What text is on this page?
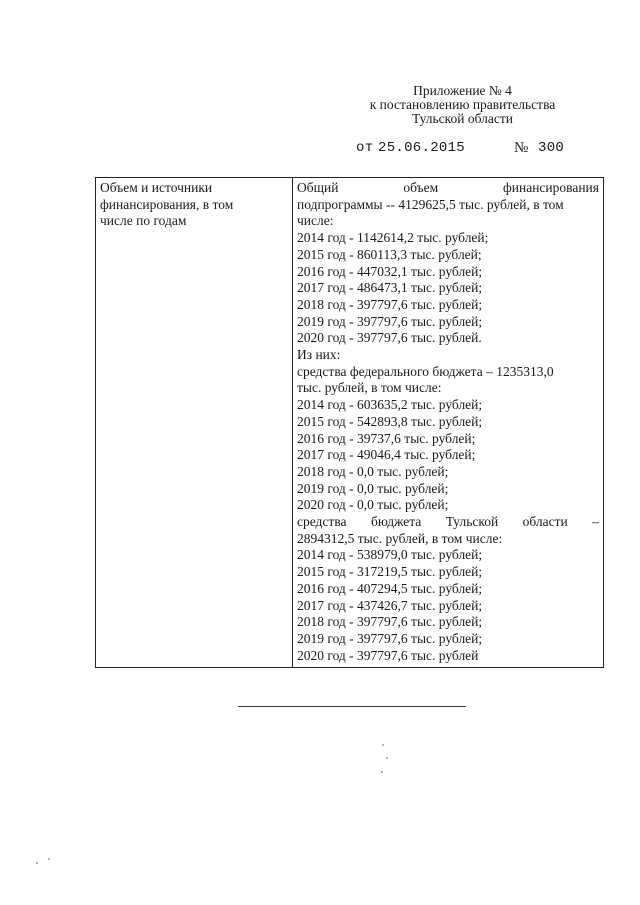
Приложение № 4
к постановлению правительства
Тульской области
от 25.06.2015	№ 300
Объем и источники
финансирования, в том
числе по годам

Общий	объем	финансирования
подпрограммы -- 4129625,5 тыс. рублей, в том
числе:
2014 год - 1142614,2 тыс. рублей;
2015 год - 860113,3 тыс. рублей;
2016 год - 447032,1 тыс. рублей;
2017 год - 486473,1 тыс. рублей;
2018 год - 397797,6 тыс. рублей;
2019 год - 397797,6 тыс. рублей;
2020 год - 397797,6 тыс. рублей.
Из них:
средства федерального бюджета – 1235313,0
тыс. рублей, в том числе:
2014 год - 603635,2 тыс. рублей;
2015 год - 542893,8 тыс. рублей;
2016 год - 39737,6 тыс. рублей;
2017 год - 49046,4 тыс. рублей;
2018 год - 0,0 тыс. рублей;
2019 год - 0,0 тыс. рублей;
2020 год - 0,0 тыс. рублей;
средства бюджета Тульской области –
2894312,5 тыс. рублей, в том числе:
2014 год - 538979,0 тыс. рублей;
2015 год - 317219,5 тыс. рублей;
2016 год - 407294,5 тыс. рублей;
2017 год - 437426,7 тыс. рублей;
2018 год - 397797,6 тыс. рублей;
2019 год - 397797,6 тыс. рублей;
2020 год - 397797,6 тыс. рублей
